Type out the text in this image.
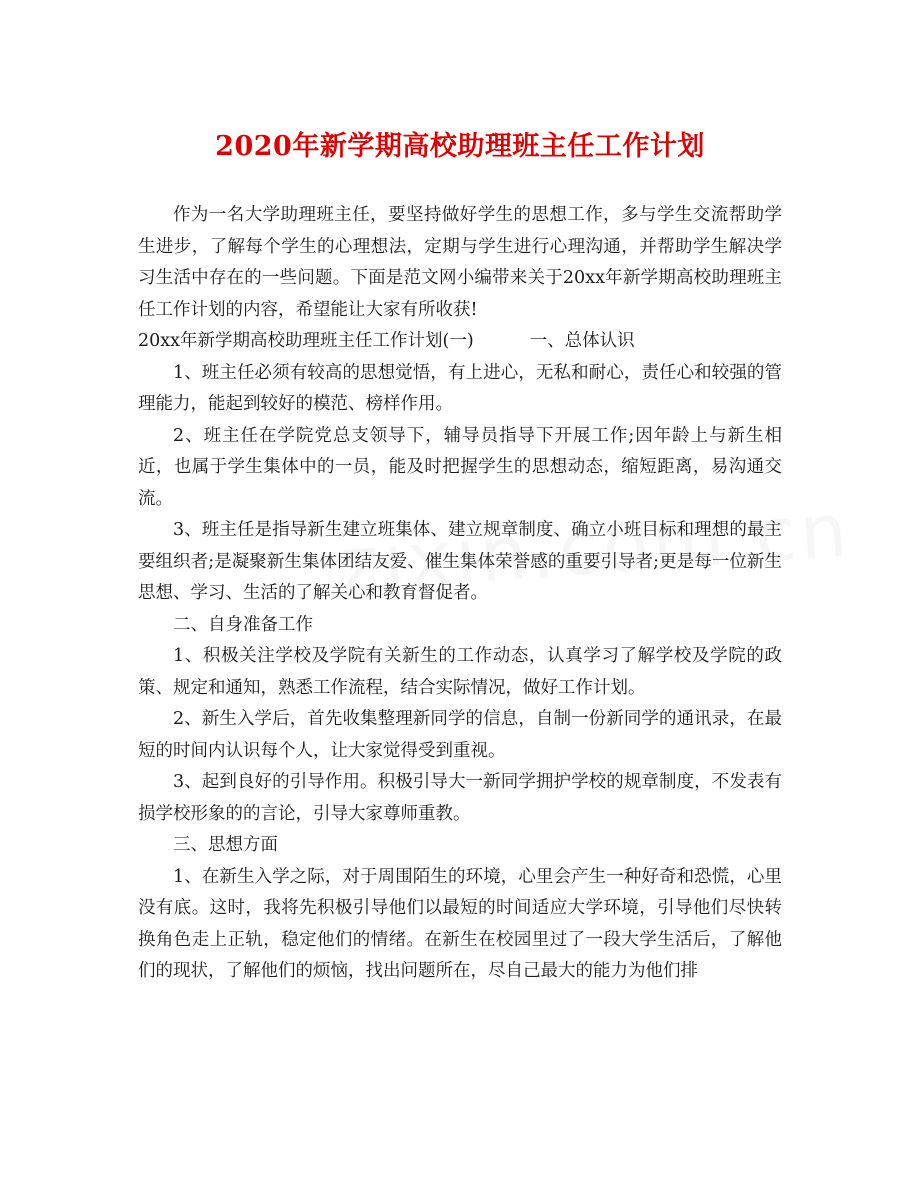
2020年新学期高校助理班主任工作计划

作为一名大学助理班主任，要坚持做好学生的思想工作，多与学生交流帮助学生进步，了解每个学生的心理想法，定期与学生进行心理沟通，并帮助学生解决学习生活中存在的一些问题。下面是范文网小编带来关于20xx年新学期高校助理班主任工作计划的内容，希望能让大家有所收获!

20xx年新学期高校助理班主任工作计划(一)	一、总体认识

1、班主任必须有较高的思想觉悟，有上进心，无私和耐心，责任心和较强的管理能力，能起到较好的模范、榜样作用。

2、班主任在学院党总支领导下，辅导员指导下开展工作;因年龄上与新生相近，也属于学生集体中的一员，能及时把握学生的思想动态，缩短距离，易沟通交流。

3、班主任是指导新生建立班集体、建立规章制度、确立小班目标和理想的最主要组织者;是凝聚新生集体团结友爱、催生集体荣誉感的重要引导者;更是每一位新生思想、学习、生活的了解关心和教育督促者。

二、自身准备工作

1、积极关注学校及学院有关新生的工作动态，认真学习了解学校及学院的政策、规定和通知，熟悉工作流程，结合实际情况，做好工作计划。

2、新生入学后，首先收集整理新同学的信息，自制一份新同学的通讯录，在最短的时间内认识每个人，让大家觉得受到重视。

3、起到良好的引导作用。积极引导大一新同学拥护学校的规章制度，不发表有损学校形象的的言论，引导大家尊师重教。

三、思想方面

1、在新生入学之际，对于周围陌生的环境，心里会产生一种好奇和恐慌，心里没有底。这时，我将先积极引导他们以最短的时间适应大学环境，引导他们尽快转换角色走上正轨，稳定他们的情绪。在新生在校园里过了一段大学生活后，了解他们的现状，了解他们的烦恼，找出问题所在，尽自己最大的能力为他们排
